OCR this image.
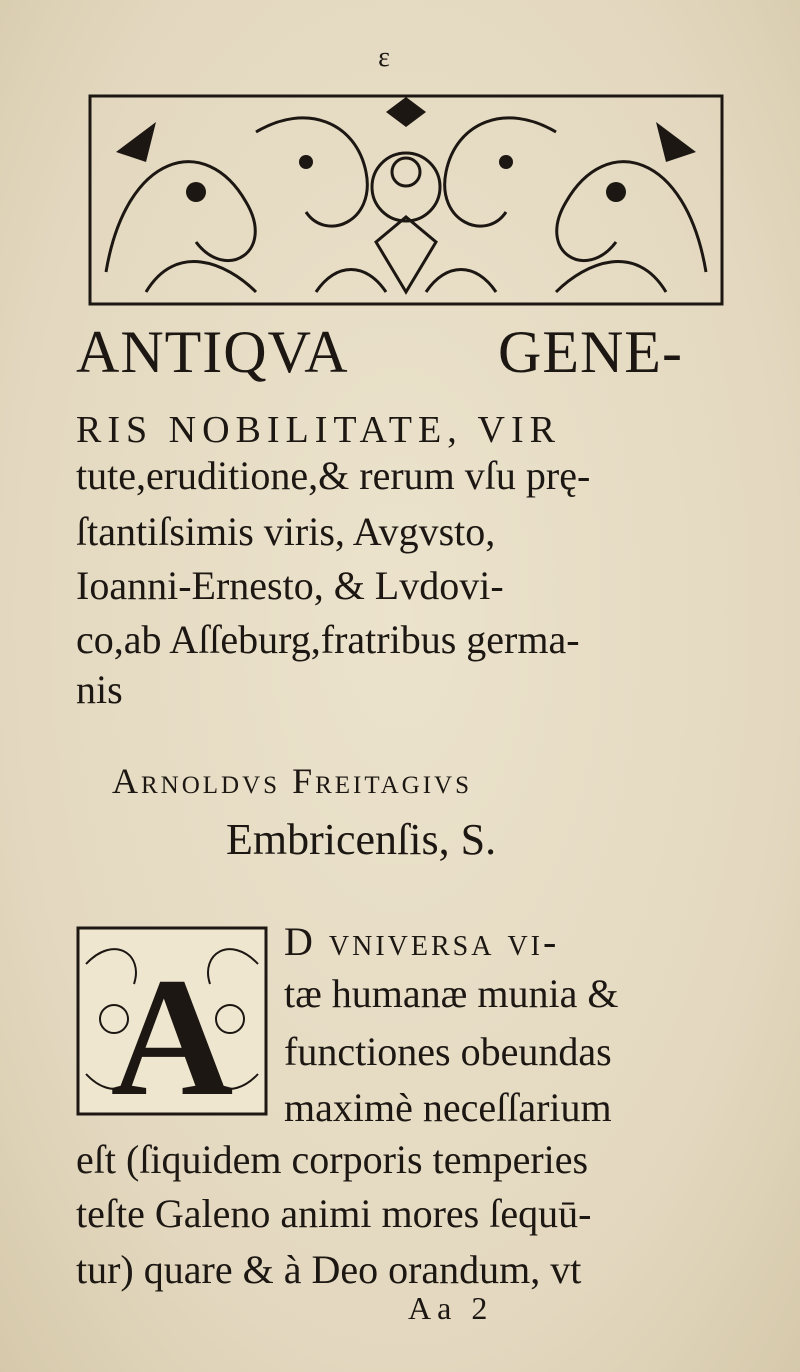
ε
ANTIQVA GENE-
RIS NOBILITATE, VIR
tute,eruditione,& rerum vſu prę-
ſtantiſsimis viris, Avgvsto,
Ioanni-Ernesto, & Lvdovi-
co,ab Aſſeburg,fratribus germa-
nis
Arnoldvs Freitagivs
Embricenſis, S.
A
D vniversa vi-
tæ humanæ munia &
functiones obeundas
maximè neceſſarium
eſt (ſiquidem corporis temperies
teſte Galeno animi mores ſequū-
tur) quare & à Deo orandum, vt
Aa 2
